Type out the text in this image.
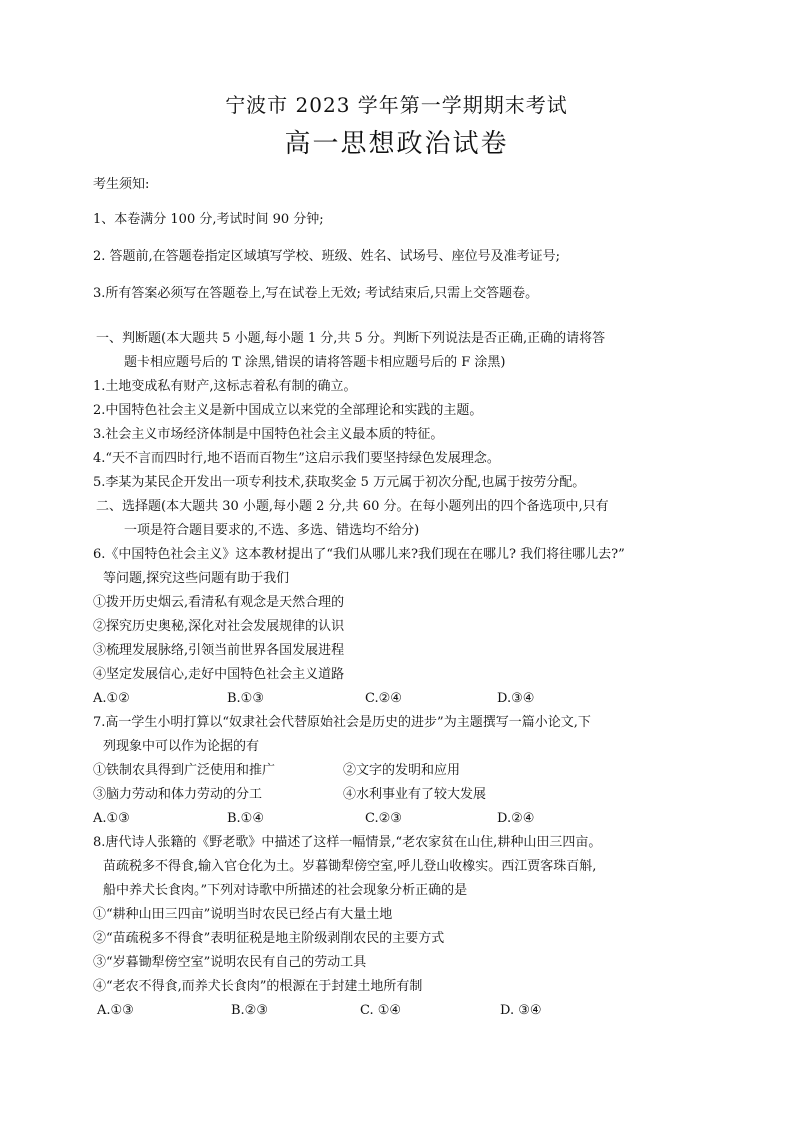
宁波市 2023 学年第一学期期末考试
高一思想政治试卷
考生须知:
1、本卷满分 100 分,考试时间 90 分钟;
2. 答题前,在答题卷指定区域填写学校、班级、姓名、试场号、座位号及准考证号;
3.所有答案必须写在答题卷上,写在试卷上无效; 考试结束后,只需上交答题卷。
一、判断题(本大题共 5 小题,每小题 1 分,共 5 分。判断下列说法是否正确,正确的请将答
题卡相应题号后的 T 涂黑,错误的请将答题卡相应题号后的 F 涂黑)
1.土地变成私有财产,这标志着私有制的确立。
2.中国特色社会主义是新中国成立以来党的全部理论和实践的主题。
3.社会主义市场经济体制是中国特色社会主义最本质的特征。
4.“天不言而四时行,地不语而百物生”这启示我们要坚持绿色发展理念。
5.李某为某民企开发出一项专利技术,获取奖金 5 万元属于初次分配,也属于按劳分配。
二、选择题(本大题共 30 小题,每小题 2 分,共 60 分。在每小题列出的四个备选项中,只有
一项是符合题目要求的,不选、多选、错选均不给分)
6.《中国特色社会主义》这本教材提出了“我们从哪儿来?我们现在在哪儿? 我们将往哪儿去?”
等问题,探究这些问题有助于我们
①拨开历史烟云,看清私有观念是天然合理的
②探究历史奥秘,深化对社会发展规律的认识
③梳理发展脉络,引领当前世界各国发展进程
④坚定发展信心,走好中国特色社会主义道路
A.①②	B.①③	C.②④	D.③④
7.高一学生小明打算以“奴隶社会代替原始社会是历史的进步”为主题撰写一篇小论文,下
列现象中可以作为论据的有
①铁制农具得到广泛使用和推广	②文字的发明和应用
③脑力劳动和体力劳动的分工	④水利事业有了较大发展
A.①③	B.①④	C.②③	D.②④
8.唐代诗人张籍的《野老歌》中描述了这样一幅情景,“老农家贫在山住,耕种山田三四亩。
苗疏税多不得食,输入官仓化为土。岁暮锄犁傍空室,呼儿登山收橡实。西江贾客珠百斛,
船中养犬长食肉。”下列对诗歌中所描述的社会现象分析正确的是
①“耕种山田三四亩”说明当时农民已经占有大量土地
②“苗疏税多不得食”表明征税是地主阶级剥削农民的主要方式
③“岁暮锄犁傍空室”说明农民有自己的劳动工具
④“老农不得食,而养犬长食肉”的根源在于封建土地所有制
A.①③	B.②③	C. ①④	D. ③④
